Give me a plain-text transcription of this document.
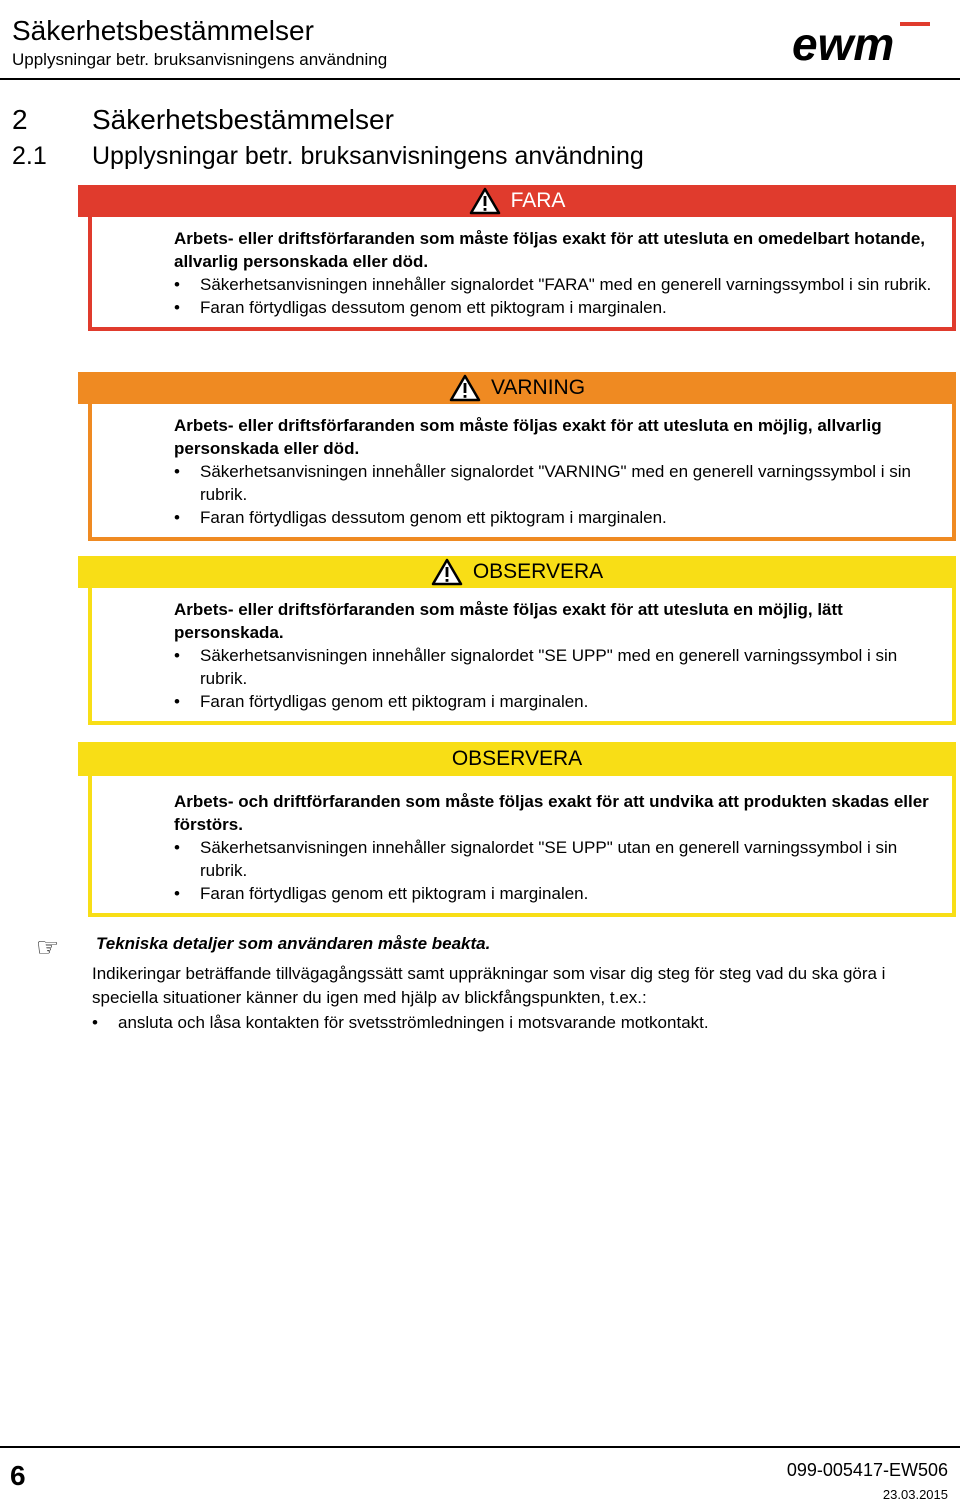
Säkerhetsbestämmelser
Upplysningar betr. bruksanvisningens användning	ewm
2 Säkerhetsbestämmelser
2.1 Upplysningar betr. bruksanvisningens användning
FARA
Arbets- eller driftsförfaranden som måste följas exakt för att utesluta en omedelbart hotande, allvarlig personskada eller död.
• Säkerhetsanvisningen innehåller signalordet "FARA" med en generell varningssymbol i sin rubrik.
• Faran förtydligas dessutom genom ett piktogram i marginalen.
VARNING
Arbets- eller driftsförfaranden som måste följas exakt för att utesluta en möjlig, allvarlig personskada eller död.
• Säkerhetsanvisningen innehåller signalordet "VARNING" med en generell varningssymbol i sin rubrik.
• Faran förtydligas dessutom genom ett piktogram i marginalen.
OBSERVERA
Arbets- eller driftsförfaranden som måste följas exakt för att utesluta en möjlig, lätt personskada.
• Säkerhetsanvisningen innehåller signalordet "SE UPP" med en generell varningssymbol i sin rubrik.
• Faran förtydligas genom ett piktogram i marginalen.
OBSERVERA
Arbets- och driftförfaranden som måste följas exakt för att undvika att produkten skadas eller förstörs.
• Säkerhetsanvisningen innehåller signalordet "SE UPP" utan en generell varningssymbol i sin rubrik.
• Faran förtydligas genom ett piktogram i marginalen.
☞ Tekniska detaljer som användaren måste beakta.
Indikeringar beträffande tillvägagångssätt samt uppräkningar som visar dig steg för steg vad du ska göra i speciella situationer känner du igen med hjälp av blickfångspunkten, t.ex.:
• ansluta och låsa kontakten för svetsströmledningen i motsvarande motkontakt.
6	099-005417-EW506
23.03.2015
